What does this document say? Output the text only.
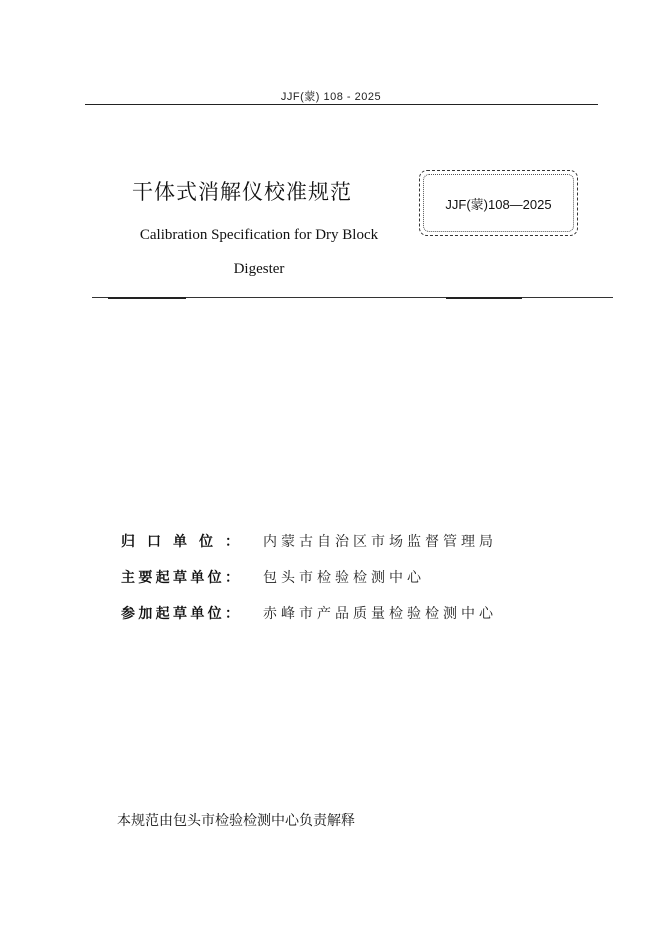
JJF(蒙) 108 - 2025
干体式消解仪校准规范
Calibration Specification for Dry Block Digester
JJF(蒙)108—2025
归 口 单 位 ： 内蒙古自治区市场监督管理局
主 要 起 草 单 位 ： 包头市检验检测中心
参 加 起 草 单 位 ： 赤峰市产品质量检验检测中心
本规范由包头市检验检测中心负责解释
